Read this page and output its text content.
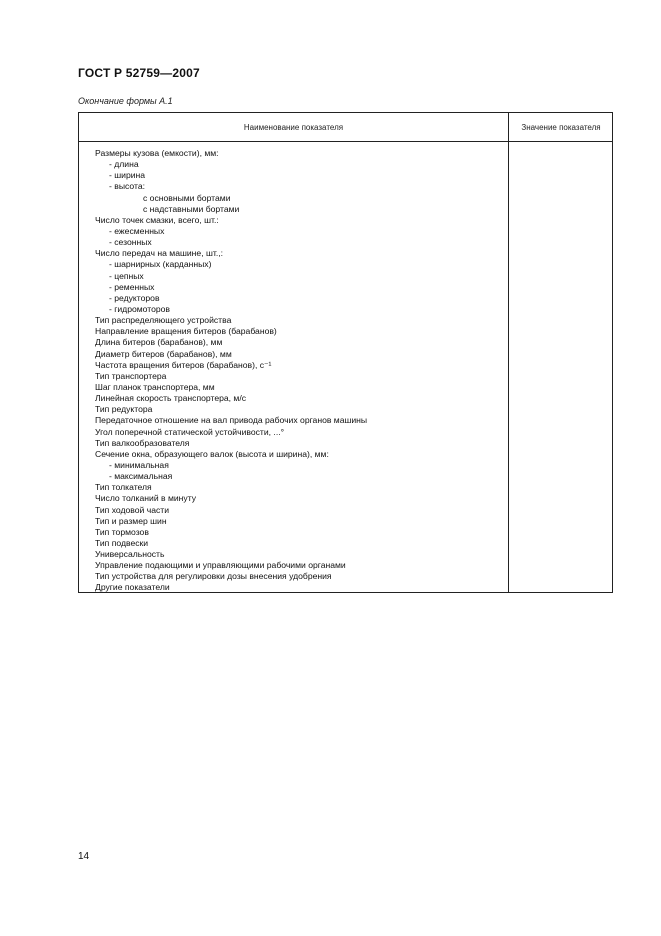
ГОСТ Р 52759—2007
Окончание формы А.1
Наименование показателя	Значение показателя
Размеры кузова (емкости), мм:
- длина
- ширина
- высота:
с основными бортами
с надставными бортами
Число точек смазки, всего, шт.:
- ежесменных
- сезонных
Число передач на машине, шт.,:
- шарнирных (карданных)
- цепных
- ременных
- редукторов
- гидромоторов
Тип распределяющего устройства
Направление вращения битеров (барабанов)
Длина битеров (барабанов), мм
Диаметр битеров (барабанов), мм
Частота вращения битеров (барабанов), с⁻¹
Тип транспортера
Шаг планок транспортера, мм
Линейная скорость транспортера, м/с
Тип редуктора
Передаточное отношение на вал привода рабочих органов машины
Угол поперечной статической устойчивости, ...°
Тип валкообразователя
Сечение окна, образующего валок (высота и ширина), мм:
- минимальная
- максимальная
Тип толкателя
Число толканий в минуту
Тип ходовой части
Тип и размер шин
Тип тормозов
Тип подвески
Универсальность
Управление подающими и управляющими рабочими органами
Тип устройства для регулировки дозы внесения удобрения
Другие показатели
14
